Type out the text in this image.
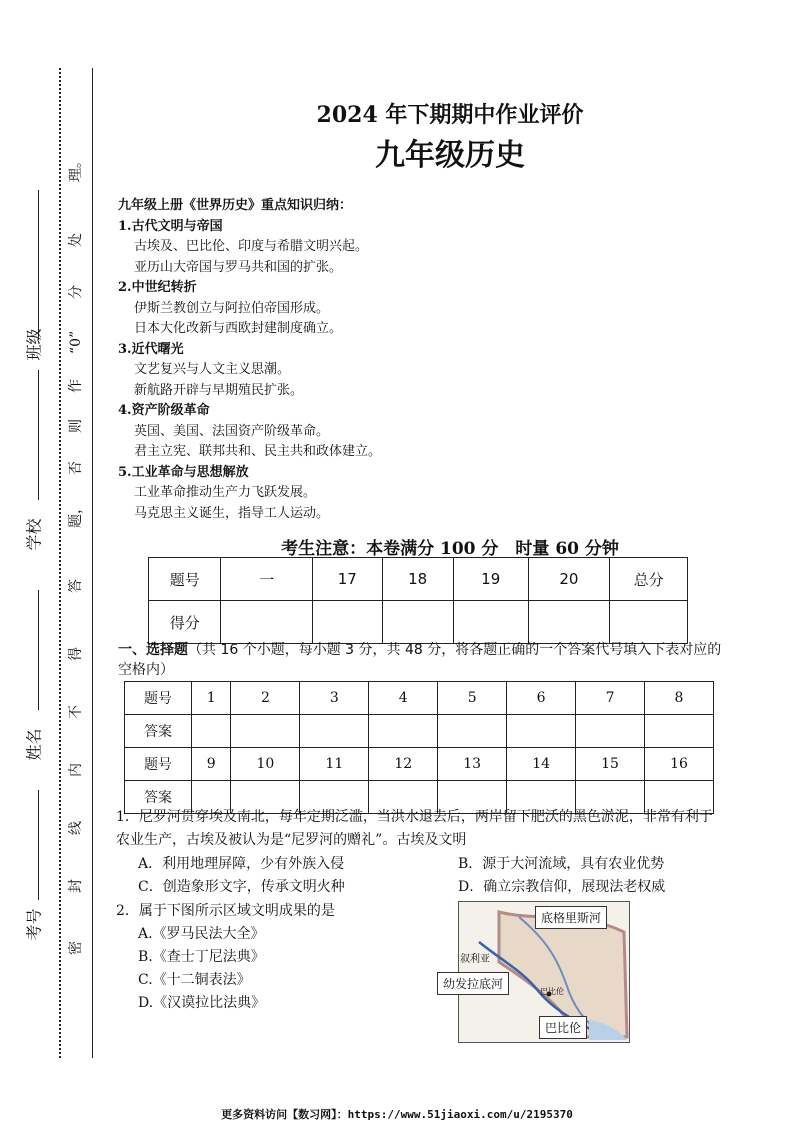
班级
学校
姓名
考号
密
封
线
内
不
得
答
题，
否
则
作
“0”
分
处
理。
2024 年下期期中作业评价
九年级历史
九年级上册《世界历史》重点知识归纳：
1.古代文明与帝国
古埃及、巴比伦、印度与希腊文明兴起。
亚历山大帝国与罗马共和国的扩张。
2.中世纪转折
伊斯兰教创立与阿拉伯帝国形成。
日本大化改新与西欧封建制度确立。
3.近代曙光
文艺复兴与人文主义思潮。
新航路开辟与早期殖民扩张。
4.资产阶级革命
英国、美国、法国资产阶级革命。
君主立宪、联邦共和、民主共和政体建立。
5.工业革命与思想解放
工业革命推动生产力飞跃发展。
马克思主义诞生，指导工人运动。
考生注意：本卷满分 100 分　时量 60 分钟
题号	一	17	18	19	20	总分
得分						
一、选择题（共 16 个小题，每小题 3 分，共 48 分，将各题正确的一个答案代号填入下表对应的空格内）
题号	1	2	3	4	5	6	7	8
答案								
题号	9	10	11	12	13	14	15	16
答案								
1．尼罗河贯穿埃及南北，每年定期泛滥，当洪水退去后，两岸留下肥沃的黑色淤泥，非常有利于农业生产，古埃及被认为是“尼罗河的赠礼”。古埃及文明
A．利用地理屏障，少有外族入侵	B．源于大河流域，具有农业优势
C．创造象形文字，传承文明火种	D．确立宗教信仰，展现法老权威
2．属于下图所示区域文明成果的是
A.《罗马民法大全》
B.《查士丁尼法典》
C.《十二铜表法》
D.《汉谟拉比法典》
底格里斯河
叙利亚
巴比伦
巴比伦
幼发拉底河
更多资料访问【数习网】：https://www.51jiaoxi.com/u/2195370
